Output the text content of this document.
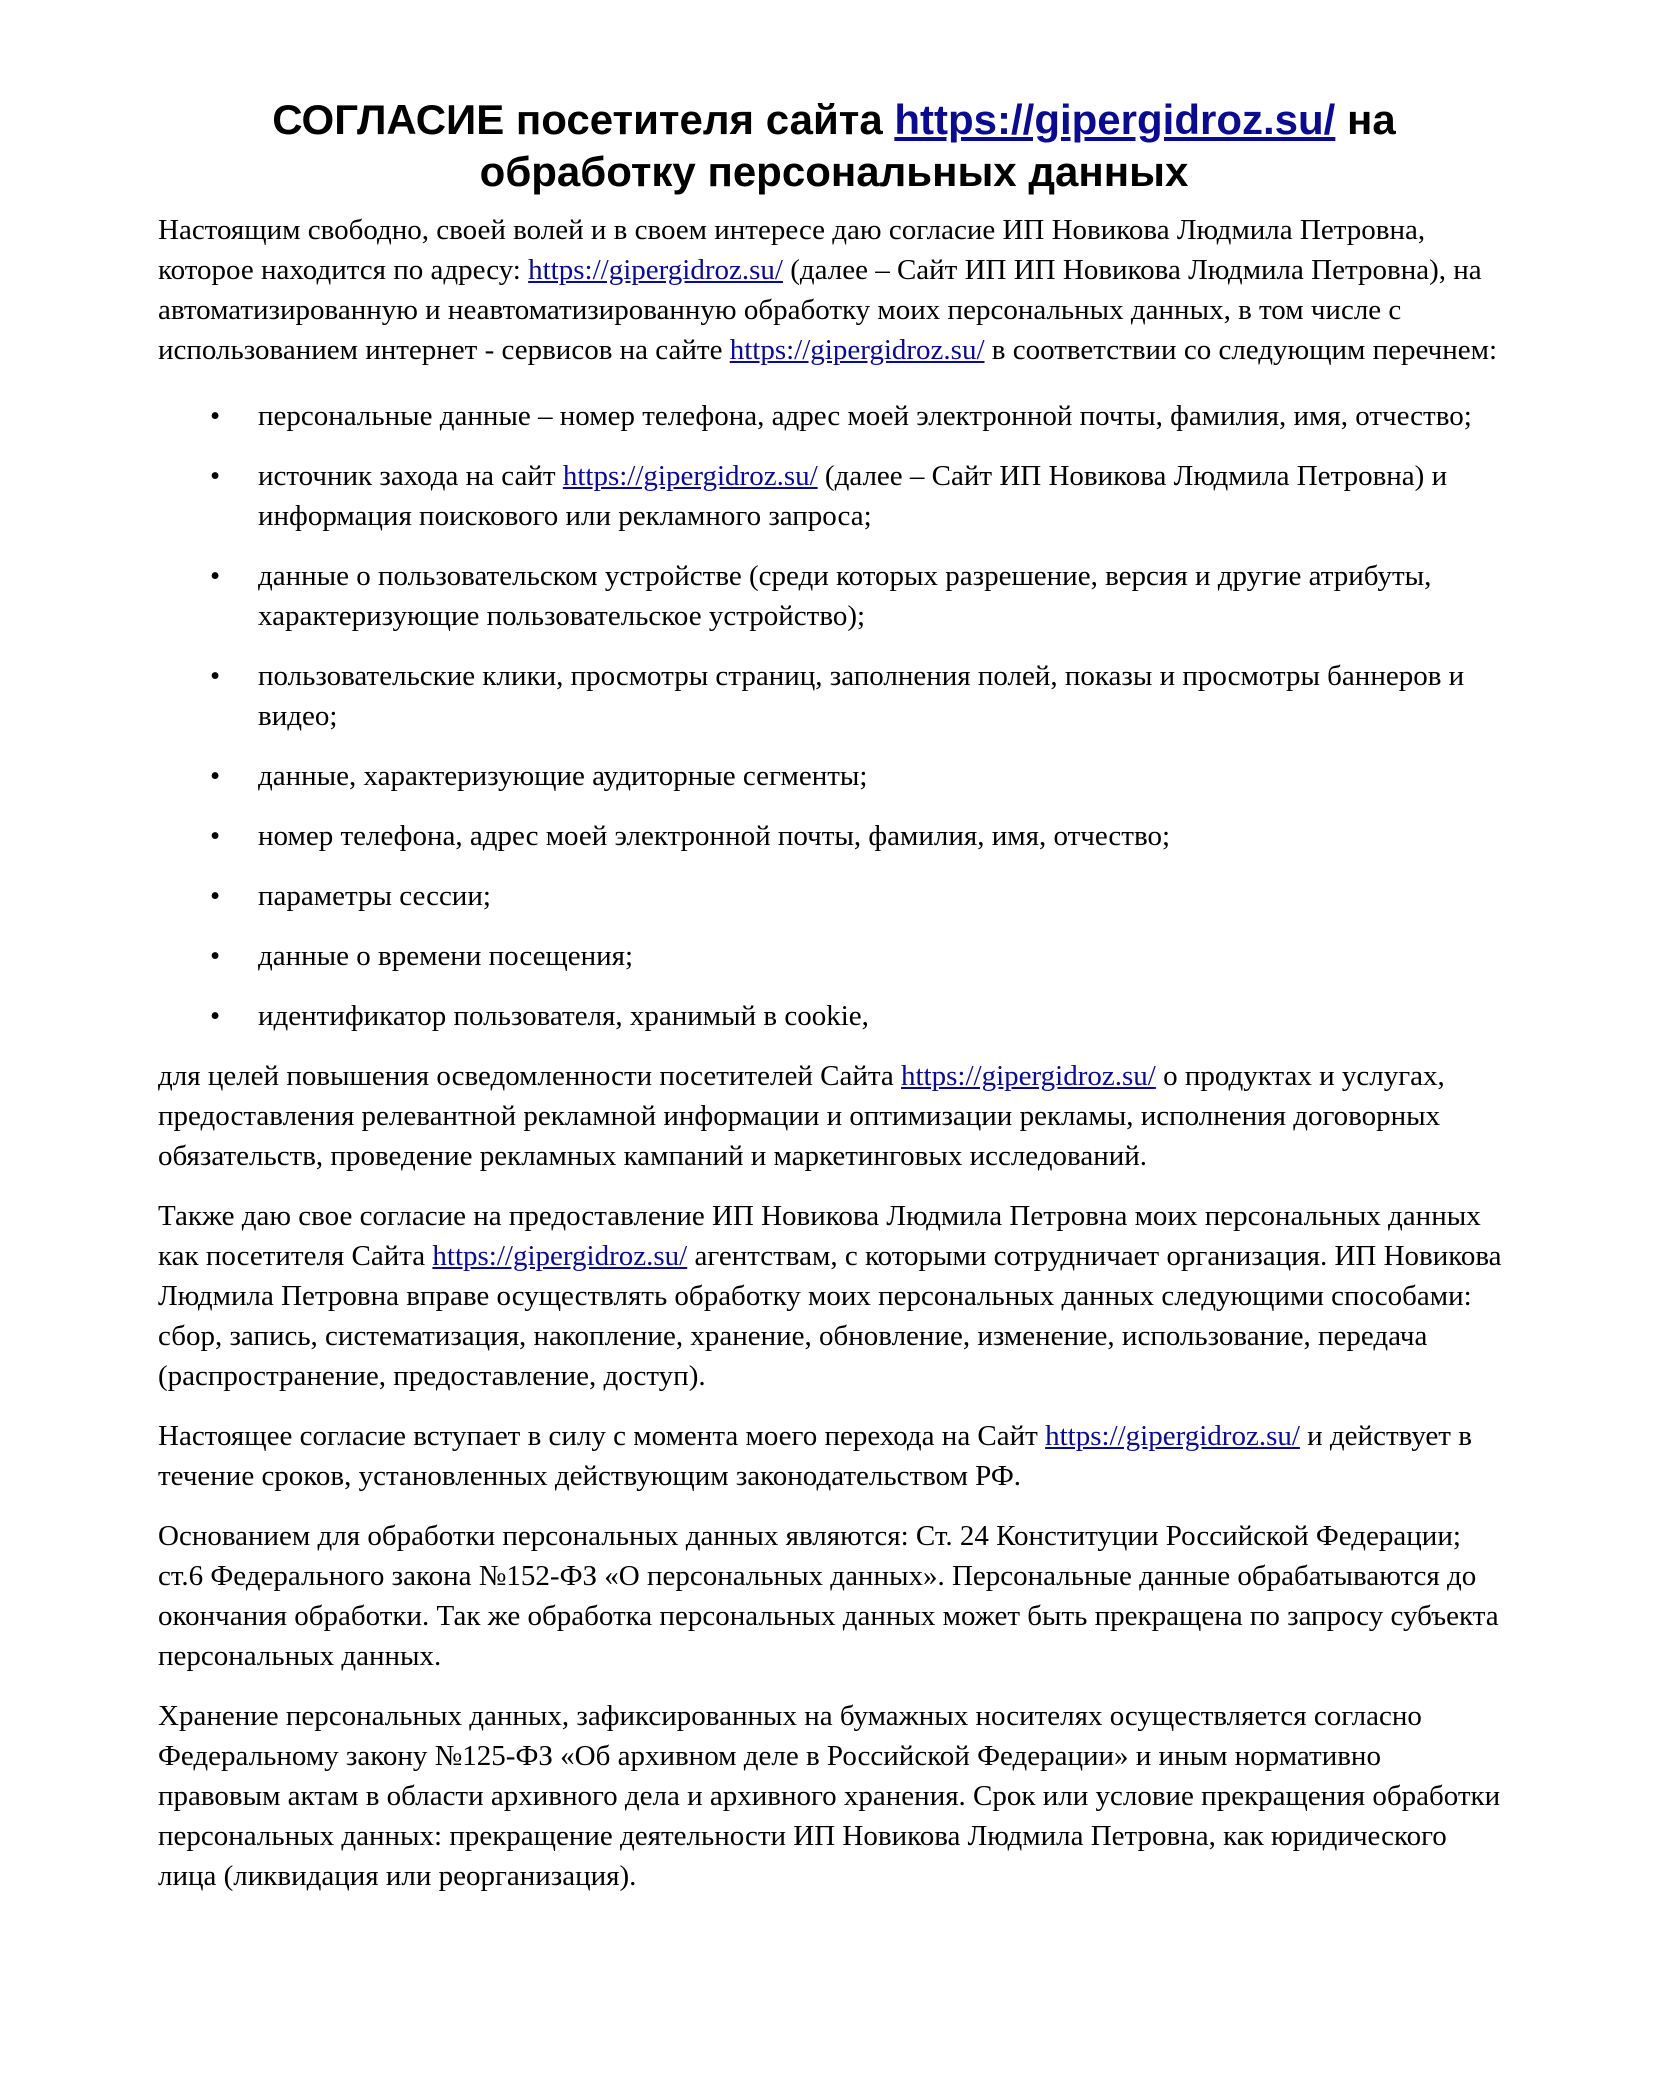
СОГЛАСИЕ посетителя сайта https://gipergidroz.su/ на
обработку персональных данных

Настоящим свободно, своей волей и в своем интересе даю согласие ИП Новикова Людмила Петровна, которое находится по адресу: https://gipergidroz.su/ (далее – Сайт ИП ИП Новикова Людмила Петровна), на автоматизированную и неавтоматизированную обработку моих персональных данных, в том числе с использованием интернет - сервисов на сайте https://gipergidroz.su/ в соответствии со следующим перечнем:

• персональные данные – номер телефона, адрес моей электронной почты, фамилия, имя, отчество;
• источник захода на сайт https://gipergidroz.su/ (далее – Сайт ИП Новикова Людмила Петровна) и информация поискового или рекламного запроса;
• данные о пользовательском устройстве (среди которых разрешение, версия и другие атрибуты, характеризующие пользовательское устройство);
• пользовательские клики, просмотры страниц, заполнения полей, показы и просмотры баннеров и видео;
• данные, характеризующие аудиторные сегменты;
• номер телефона, адрес моей электронной почты, фамилия, имя, отчество;
• параметры сессии;
• данные о времени посещения;
• идентификатор пользователя, хранимый в cookie,

для целей повышения осведомленности посетителей Сайта https://gipergidroz.su/ о продуктах и услугах, предоставления релевантной рекламной информации и оптимизации рекламы, исполнения договорных обязательств, проведение рекламных кампаний и маркетинговых исследований.

Также даю свое согласие на предоставление ИП Новикова Людмила Петровна моих персональных данных как посетителя Сайта https://gipergidroz.su/ агентствам, с которыми сотрудничает организация. ИП Новикова Людмила Петровна вправе осуществлять обработку моих персональных данных следующими способами: сбор, запись, систематизация, накопление, хранение, обновление, изменение, использование, передача (распространение, предоставление, доступ).

Настоящее согласие вступает в силу с момента моего перехода на Сайт https://gipergidroz.su/ и действует в течение сроков, установленных действующим законодательством РФ.

Основанием для обработки персональных данных являются: Ст. 24 Конституции Российской Федерации; ст.6 Федерального закона №152-ФЗ «О персональных данных». Персональные данные обрабатываются до окончания обработки. Так же обработка персональных данных может быть прекращена по запросу субъекта персональных данных.

Хранение персональных данных, зафиксированных на бумажных носителях осуществляется согласно Федеральному закону №125-ФЗ «Об архивном деле в Российской Федерации» и иным нормативно правовым актам в области архивного дела и архивного хранения. Срок или условие прекращения обработки персональных данных: прекращение деятельности ИП Новикова Людмила Петровна, как юридического лица (ликвидация или реорганизация).
